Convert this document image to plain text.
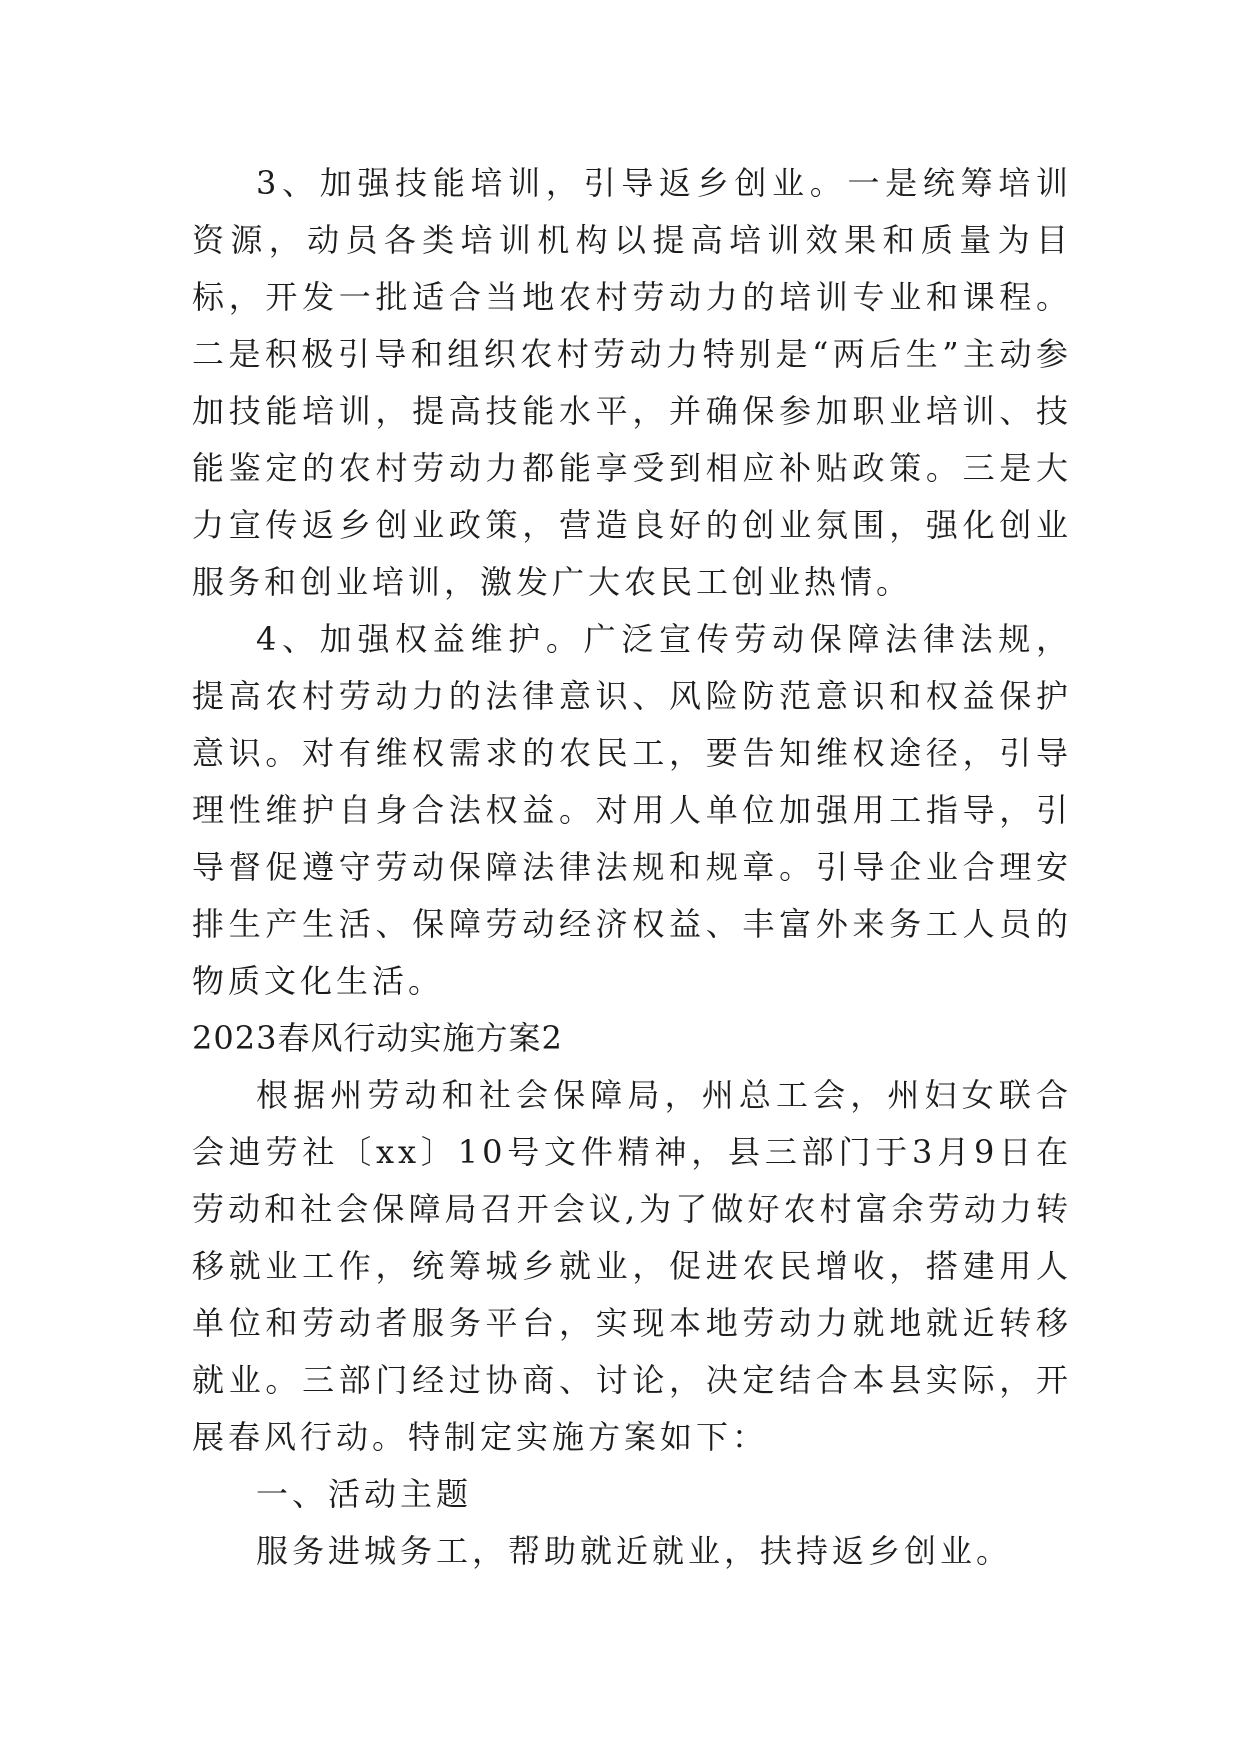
3、加强技能培训，引导返乡创业。一是统筹培训资源，动员各类培训机构以提高培训效果和质量为目标，开发一批适合当地农村劳动力的培训专业和课程。二是积极引导和组织农村劳动力特别是“两后生”主动参加技能培训，提高技能水平，并确保参加职业培训、技能鉴定的农村劳动力都能享受到相应补贴政策。三是大力宣传返乡创业政策，营造良好的创业氛围，强化创业服务和创业培训，激发广大农民工创业热情。

4、加强权益维护。广泛宣传劳动保障法律法规，提高农村劳动力的法律意识、风险防范意识和权益保护意识。对有维权需求的农民工，要告知维权途径，引导理性维护自身合法权益。对用人单位加强用工指导，引导督促遵守劳动保障法律法规和规章。引导企业合理安排生产生活、保障劳动经济权益、丰富外来务工人员的物质文化生活。

2023春风行动实施方案2

根据州劳动和社会保障局，州总工会，州妇女联合会迪劳社〔xx〕10号文件精神，县三部门于3月9日在劳动和社会保障局召开会议,为了做好农村富余劳动力转移就业工作，统筹城乡就业，促进农民增收，搭建用人单位和劳动者服务平台，实现本地劳动力就地就近转移就业。三部门经过协商、讨论，决定结合本县实际，开展春风行动。特制定实施方案如下：

一、活动主题

服务进城务工，帮助就近就业，扶持返乡创业。
